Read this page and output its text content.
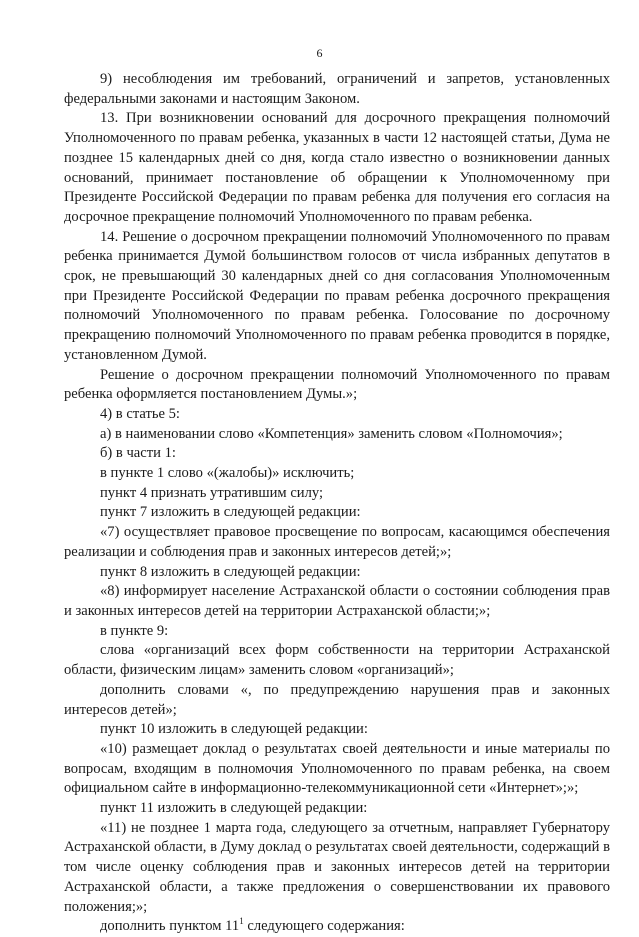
6

9) несоблюдения им требований, ограничений и запретов, установленных федеральными законами и настоящим Законом.

13. При возникновении оснований для досрочного прекращения полномочий Уполномоченного по правам ребенка, указанных в части 12 настоящей статьи, Дума не позднее 15 календарных дней со дня, когда стало известно о возникновении данных оснований, принимает постановление об обращении к Уполномоченному при Президенте Российской Федерации по правам ребенка для получения его согласия на досрочное прекращение полномочий Уполномоченного по правам ребенка.

14. Решение о досрочном прекращении полномочий Уполномоченного по правам ребенка принимается Думой большинством голосов от числа избранных депутатов в срок, не превышающий 30 календарных дней со дня согласования Уполномоченным при Президенте Российской Федерации по правам ребенка досрочного прекращения полномочий Уполномоченного по правам ребенка. Голосование по досрочному прекращению полномочий Уполномоченного по правам ребенка проводится в порядке, установленном Думой.

Решение о досрочном прекращении полномочий Уполномоченного по правам ребенка оформляется постановлением Думы.»;

4) в статье 5:

а) в наименовании слово «Компетенция» заменить словом «Полномочия»;

б) в части 1:

в пункте 1 слово «(жалобы)» исключить;

пункт 4 признать утратившим силу;

пункт 7 изложить в следующей редакции:

«7) осуществляет правовое просвещение по вопросам, касающимся обеспечения реализации и соблюдения прав и законных интересов детей;»;

пункт 8 изложить в следующей редакции:

«8) информирует население Астраханской области о состоянии соблюдения прав и законных интересов детей на территории Астраханской области;»;

в пункте 9:

слова «организаций всех форм собственности на территории Астраханской области, физическим лицам» заменить словом «организаций»;

дополнить словами «, по предупреждению нарушения прав и законных интересов детей»;

пункт 10 изложить в следующей редакции:

«10) размещает доклад о результатах своей деятельности и иные материалы по вопросам, входящим в полномочия Уполномоченного по правам ребенка, на своем официальном сайте в информационно-телекоммуникационной сети «Интернет»;»;

пункт 11 изложить в следующей редакции:

«11) не позднее 1 марта года, следующего за отчетным, направляет Губернатору Астраханской области, в Думу доклад о результатах своей деятельности, содержащий в том числе оценку соблюдения прав и законных интересов детей на территории Астраханской области, а также предложения о совершенствовании их правового положения;»;

дополнить пунктом $11^1$ следующего содержания:
